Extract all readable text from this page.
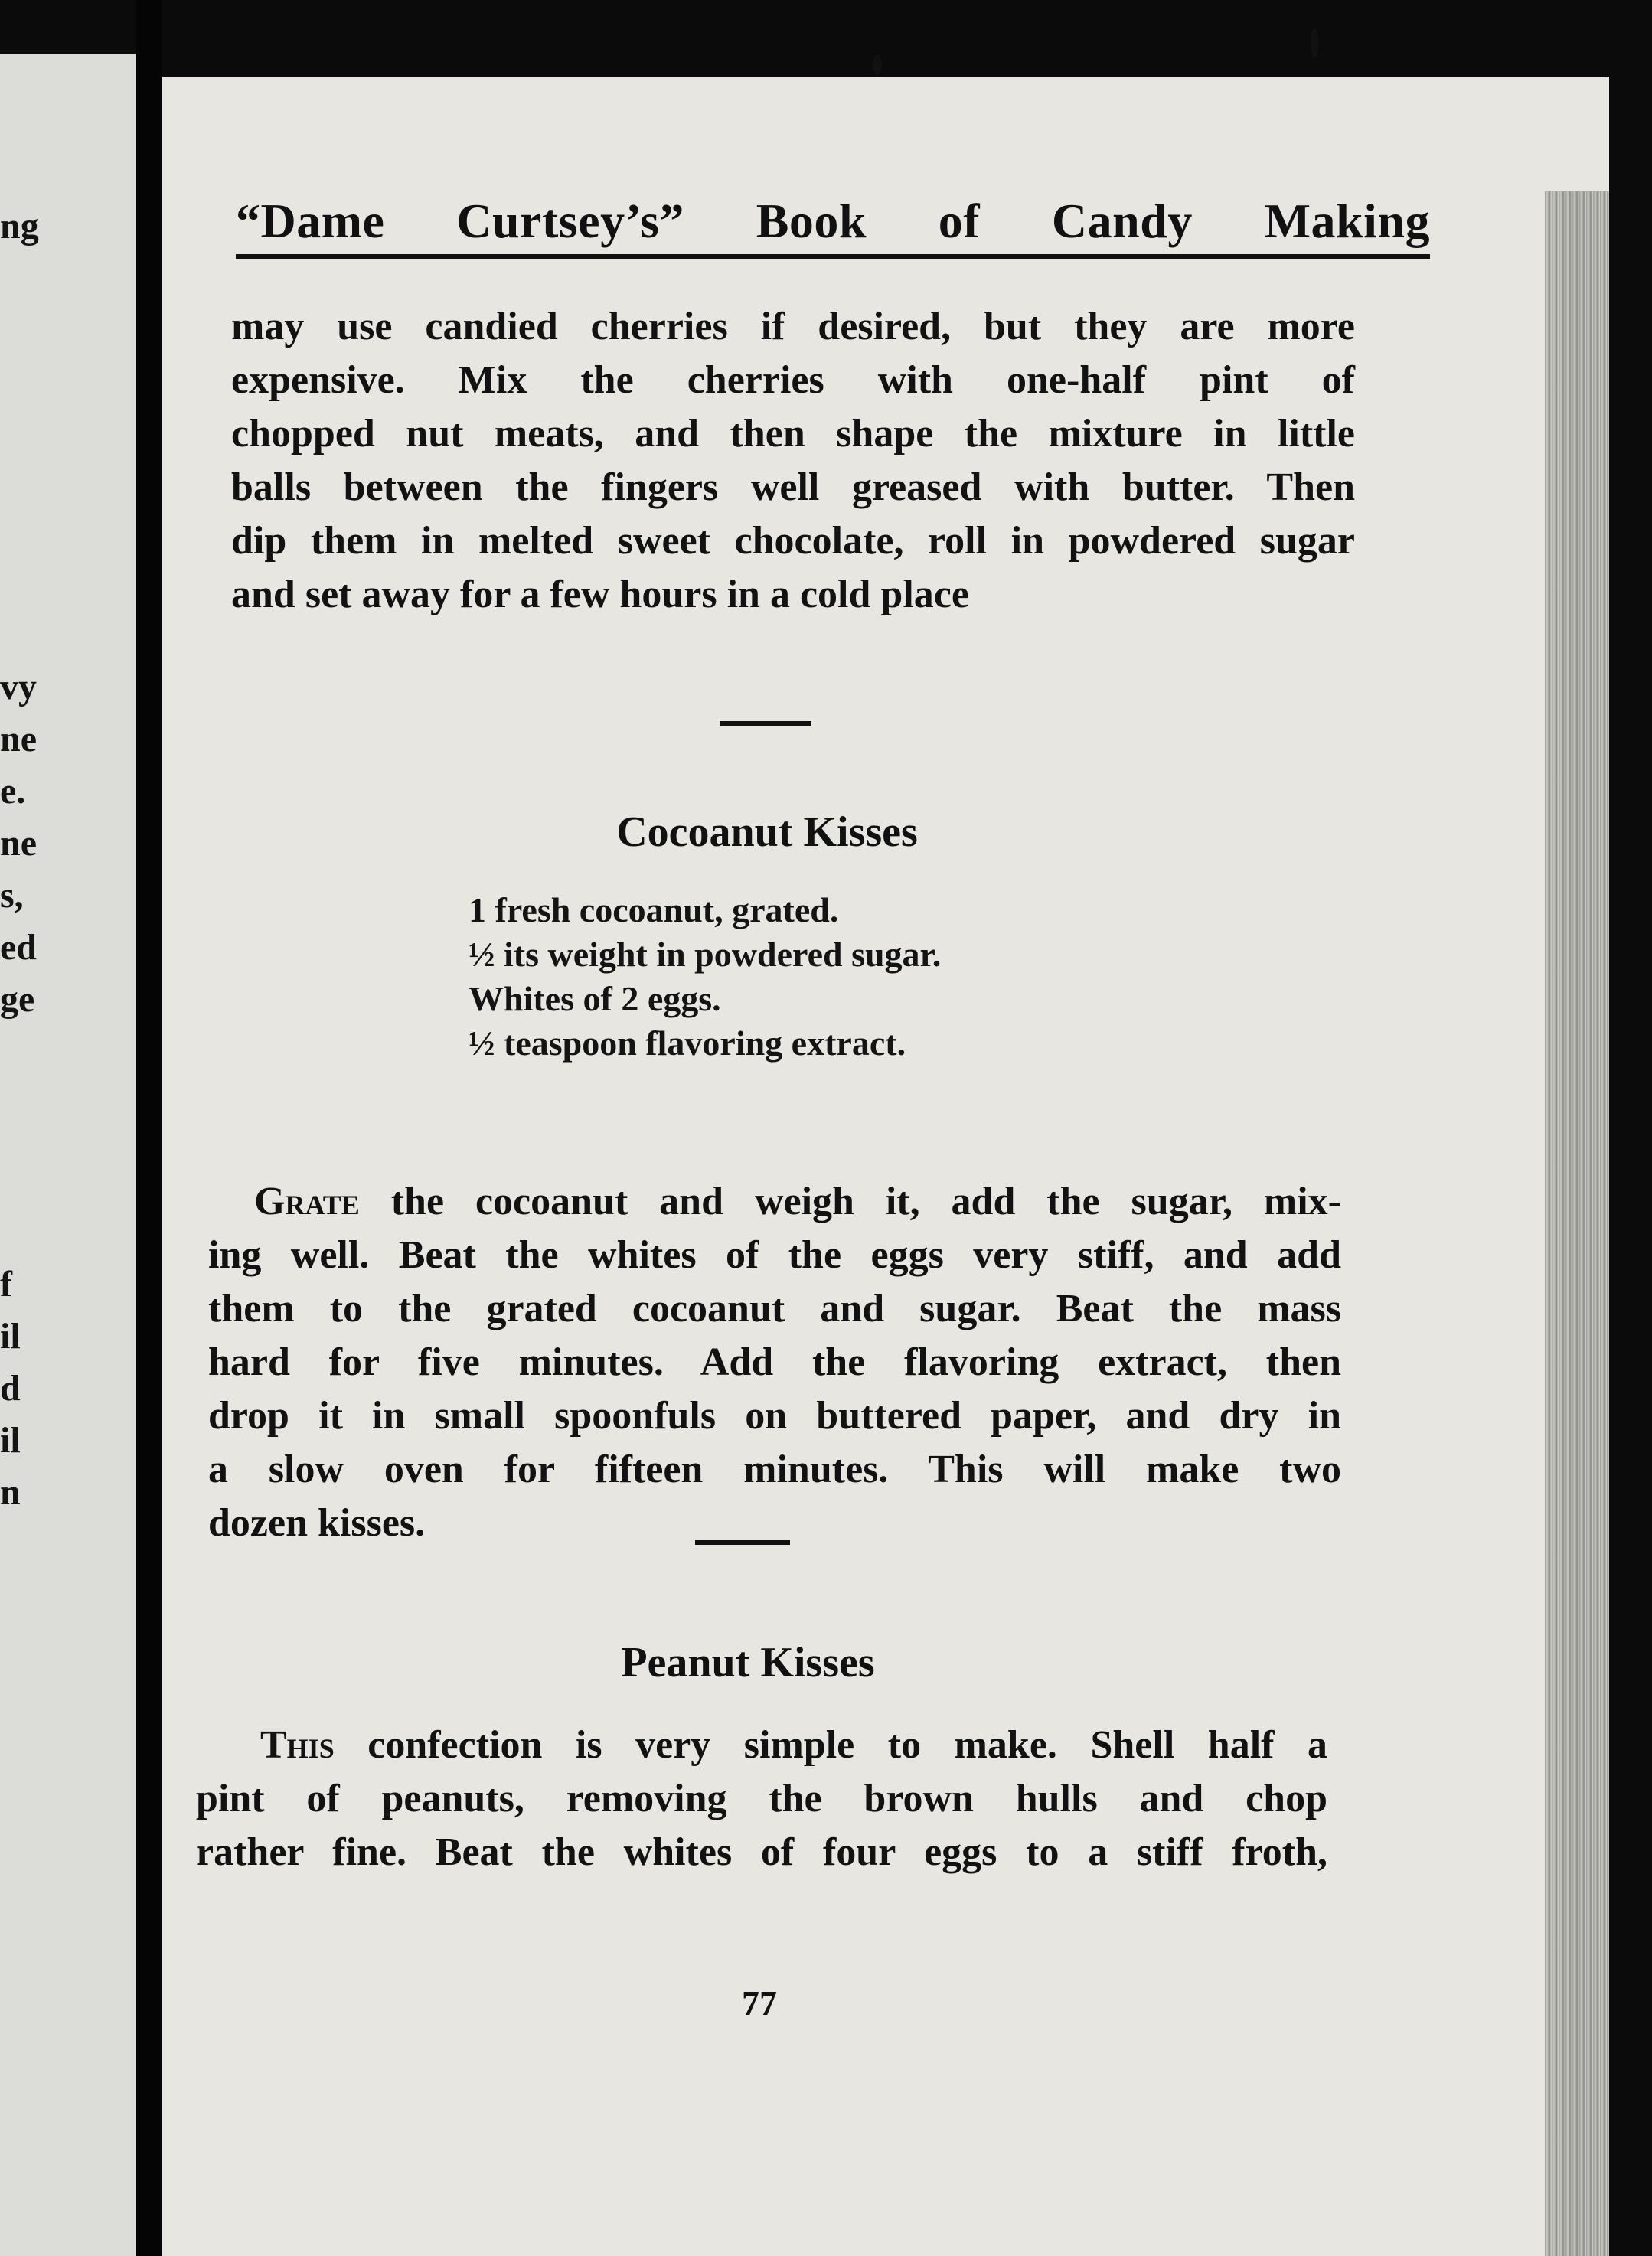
ng
vy
ne
e.
ne
s,
ed
ge
f
il
d
il
n
“Dame Curtsey’s” Book of Candy Making
may use candied cherries if desired, but they are more
expensive. Mix the cherries with one-half pint of
chopped nut meats, and then shape the mixture in little
balls between the fingers well greased with butter. Then
dip them in melted sweet chocolate, roll in powdered sugar
and set away for a few hours in a cold place
Cocoanut Kisses
1 fresh cocoanut, grated.
½ its weight in powdered sugar.
Whites of 2 eggs.
½ teaspoon flavoring extract.
Grate the cocoanut and weigh it, add the sugar, mix-
ing well. Beat the whites of the eggs very stiff, and add
them to the grated cocoanut and sugar. Beat the mass
hard for five minutes. Add the flavoring extract, then
drop it in small spoonfuls on buttered paper, and dry in
a slow oven for fifteen minutes. This will make two
dozen kisses.
Peanut Kisses
This confection is very simple to make. Shell half a
pint of peanuts, removing the brown hulls and chop
rather fine. Beat the whites of four eggs to a stiff froth,
77
